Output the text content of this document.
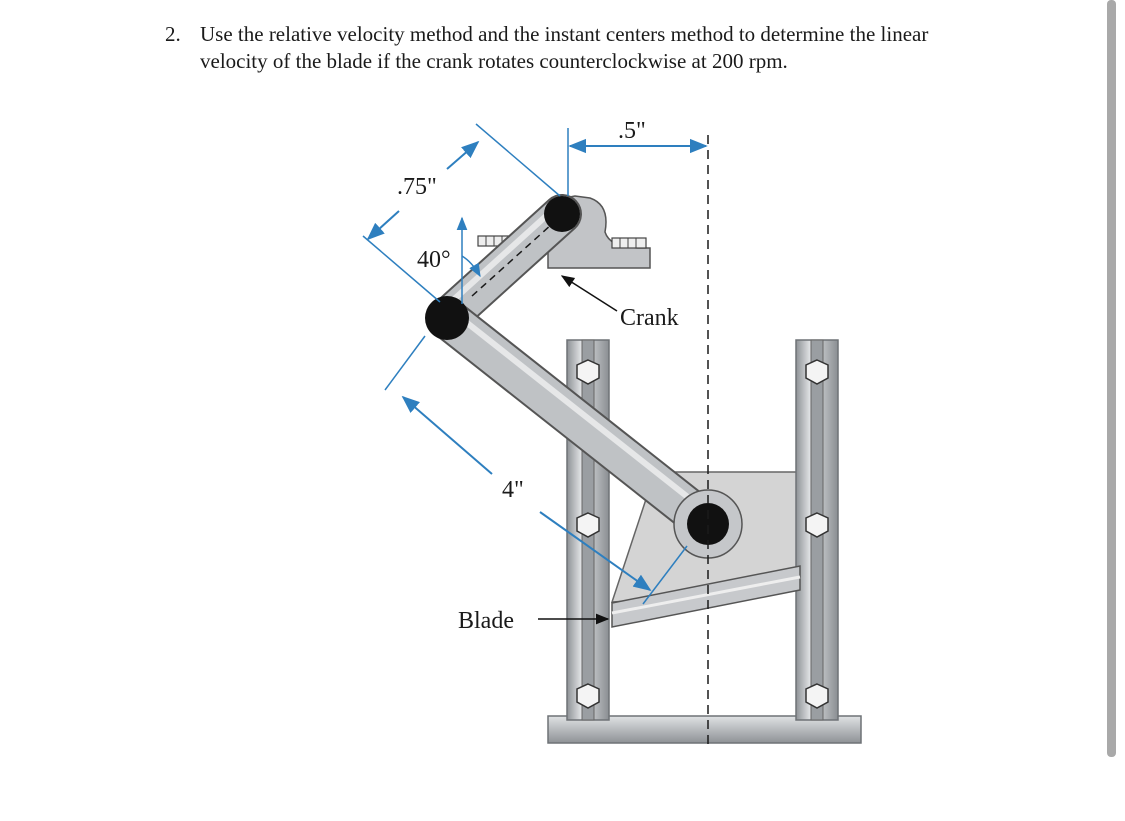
2. Use the relative velocity method and the instant centers method to determine the linear
velocity of the blade if the crank rotates counterclockwise at 200 rpm.
.5"
.75"
40°
4"
Crank
Blade
